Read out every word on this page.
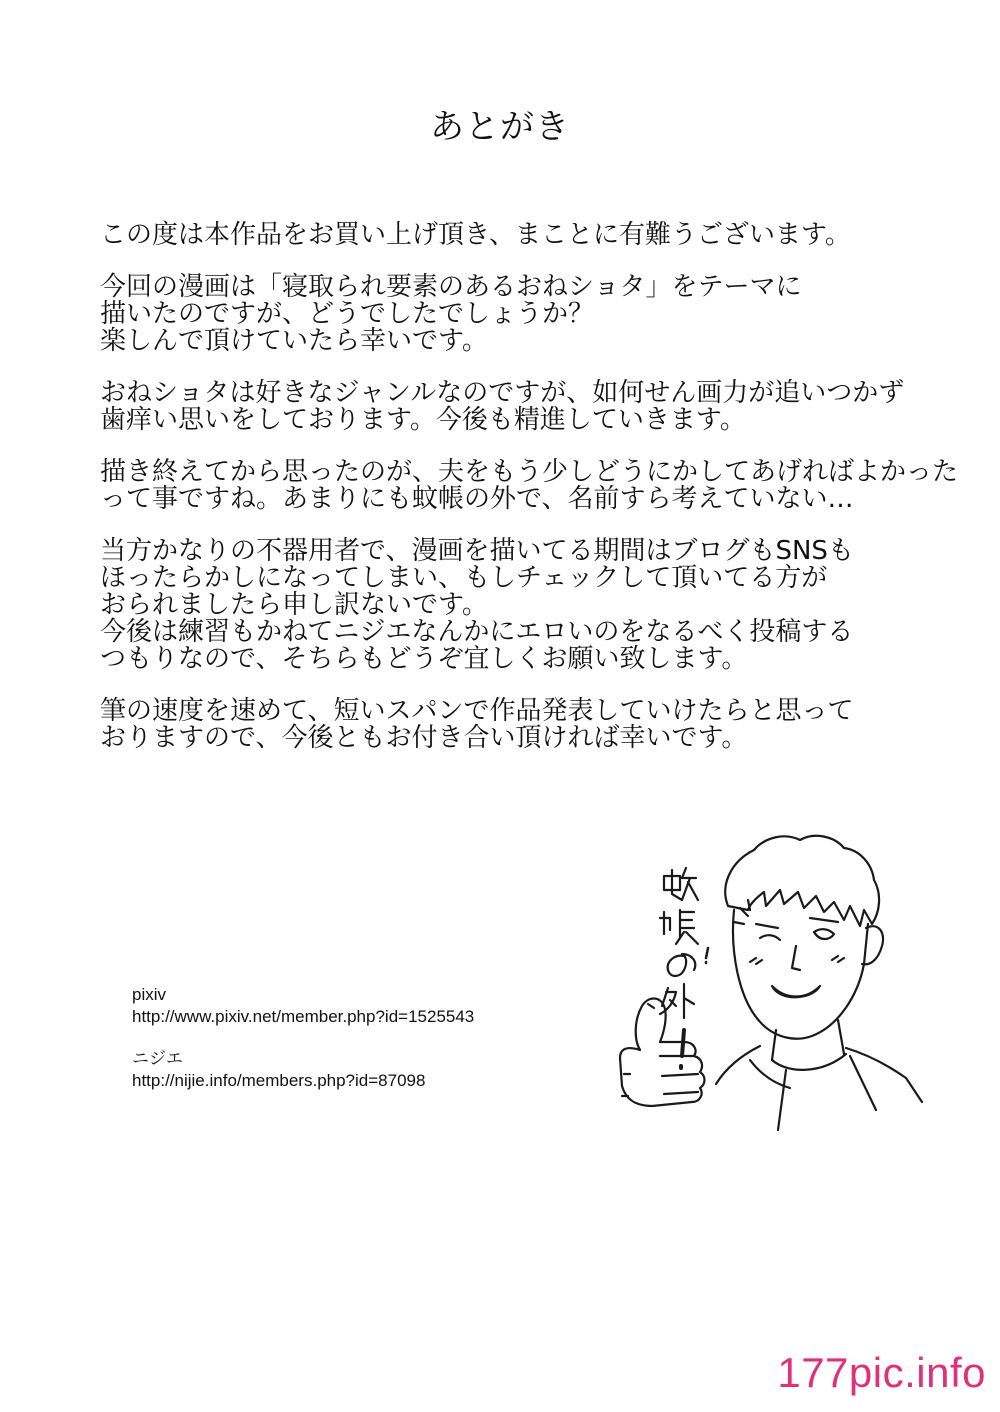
あとがき
この度は本作品をお買い上げ頂き、まことに有難うございます。
今回の漫画は「寝取られ要素のあるおねショタ」をテーマに
描いたのですが、どうでしたでしょうか？
楽しんで頂けていたら幸いです。
おねショタは好きなジャンルなのですが、如何せん画力が追いつかず
歯痒い思いをしております。今後も精進していきます。
描き終えてから思ったのが、夫をもう少しどうにかしてあげればよかった
って事ですね。あまりにも蚊帳の外で、名前すら考えていない…
当方かなりの不器用者で、漫画を描いてる期間はブログもSNSも
ほったらかしになってしまい、もしチェックして頂いてる方が
おられましたら申し訳ないです。
今後は練習もかねてニジエなんかにエロいのをなるべく投稿する
つもりなので、そちらもどうぞ宜しくお願い致します。
筆の速度を速めて、短いスパンで作品発表していけたらと思って
おりますので、今後ともお付き合い頂ければ幸いです。
pixiv
http://www.pixiv.net/member.php?id=1525543
ニジエ
http://nijie.info/members.php?id=87098
177pic.info
